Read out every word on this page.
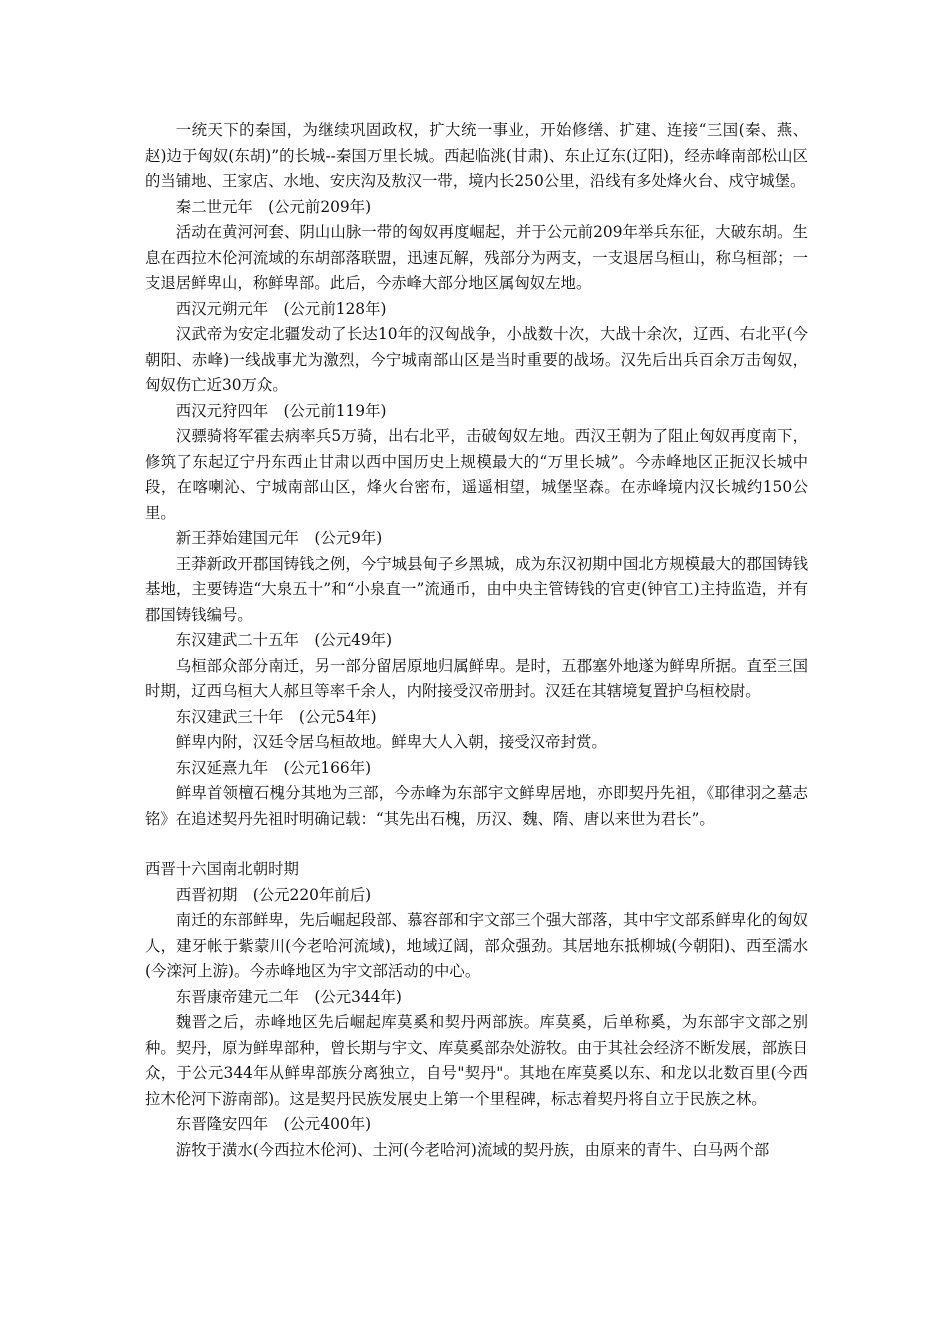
一统天下的秦国，为继续巩固政权，扩大统一事业，开始修缮、扩建、连接“三国(秦、燕、赵)边于匈奴(东胡)”的长城--秦国万里长城。西起临洮(甘肃)、东止辽东(辽阳)，经赤峰南部松山区的当铺地、王家店、水地、安庆沟及敖汉一带，境内长250公里，沿线有多处烽火台、戍守城堡。

秦二世元年　(公元前209年)

活动在黄河河套、阴山山脉一带的匈奴再度崛起，并于公元前209年举兵东征，大破东胡。生息在西拉木伦河流域的东胡部落联盟，迅速瓦解，残部分为两支，一支退居乌桓山，称乌桓部；一支退居鲜卑山，称鲜卑部。此后，今赤峰大部分地区属匈奴左地。

西汉元朔元年　(公元前128年)

汉武帝为安定北疆发动了长达10年的汉匈战争，小战数十次，大战十余次，辽西、右北平(今朝阳、赤峰)一线战事尤为激烈，今宁城南部山区是当时重要的战场。汉先后出兵百余万击匈奴，匈奴伤亡近30万众。

西汉元狩四年　(公元前119年)

汉骠骑将军霍去病率兵5万骑，出右北平，击破匈奴左地。西汉王朝为了阻止匈奴再度南下，修筑了东起辽宁丹东西止甘肃以西中国历史上规模最大的“万里长城”。今赤峰地区正扼汉长城中段，在喀喇沁、宁城南部山区，烽火台密布，遥遥相望，城堡坚森。在赤峰境内汉长城约150公里。

新王莽始建国元年　(公元9年)

王莽新政开郡国铸钱之例，今宁城县甸子乡黑城，成为东汉初期中国北方规模最大的郡国铸钱基地，主要铸造“大泉五十”和“小泉直一”流通币，由中央主管铸钱的官吏(钟官工)主持监造，并有郡国铸钱编号。

东汉建武二十五年　(公元49年)

乌桓部众部分南迁，另一部分留居原地归属鲜卑。是时，五郡塞外地遂为鲜卑所据。直至三国时期，辽西乌桓大人郝旦等率千余人，内附接受汉帝册封。汉廷在其辖境复置护乌桓校尉。

东汉建武三十年　(公元54年)

鲜卑内附，汉廷令居乌桓故地。鲜卑大人入朝，接受汉帝封赏。

东汉延熹九年　(公元166年)

鲜卑首领檀石槐分其地为三部，今赤峰为东部宇文鲜卑居地，亦即契丹先祖，《耶律羽之墓志铭》在追述契丹先祖时明确记载：“其先出石槐，历汉、魏、隋、唐以来世为君长”。

西晋十六国南北朝时期

西晋初期　(公元220年前后)

南迁的东部鲜卑，先后崛起段部、慕容部和宇文部三个强大部落，其中宇文部系鲜卑化的匈奴人，建牙帐于紫蒙川(今老哈河流域)，地域辽阔，部众强劲。其居地东抵柳城(今朝阳)、西至濡水(今滦河上游)。今赤峰地区为宇文部活动的中心。

东晋康帝建元二年　(公元344年)

魏晋之后，赤峰地区先后崛起库莫奚和契丹两部族。库莫奚，后单称奚，为东部宇文部之别种。契丹，原为鲜卑部种，曾长期与宇文、库莫奚部杂处游牧。由于其社会经济不断发展，部族日众，于公元344年从鲜卑部族分离独立，自号"契丹"。其地在库莫奚以东、和龙以北数百里(今西拉木伦河下游南部)。这是契丹民族发展史上第一个里程碑，标志着契丹将自立于民族之林。

东晋隆安四年　(公元400年)

游牧于潢水(今西拉木伦河)、土河(今老哈河)流域的契丹族，由原来的青牛、白马两个部
